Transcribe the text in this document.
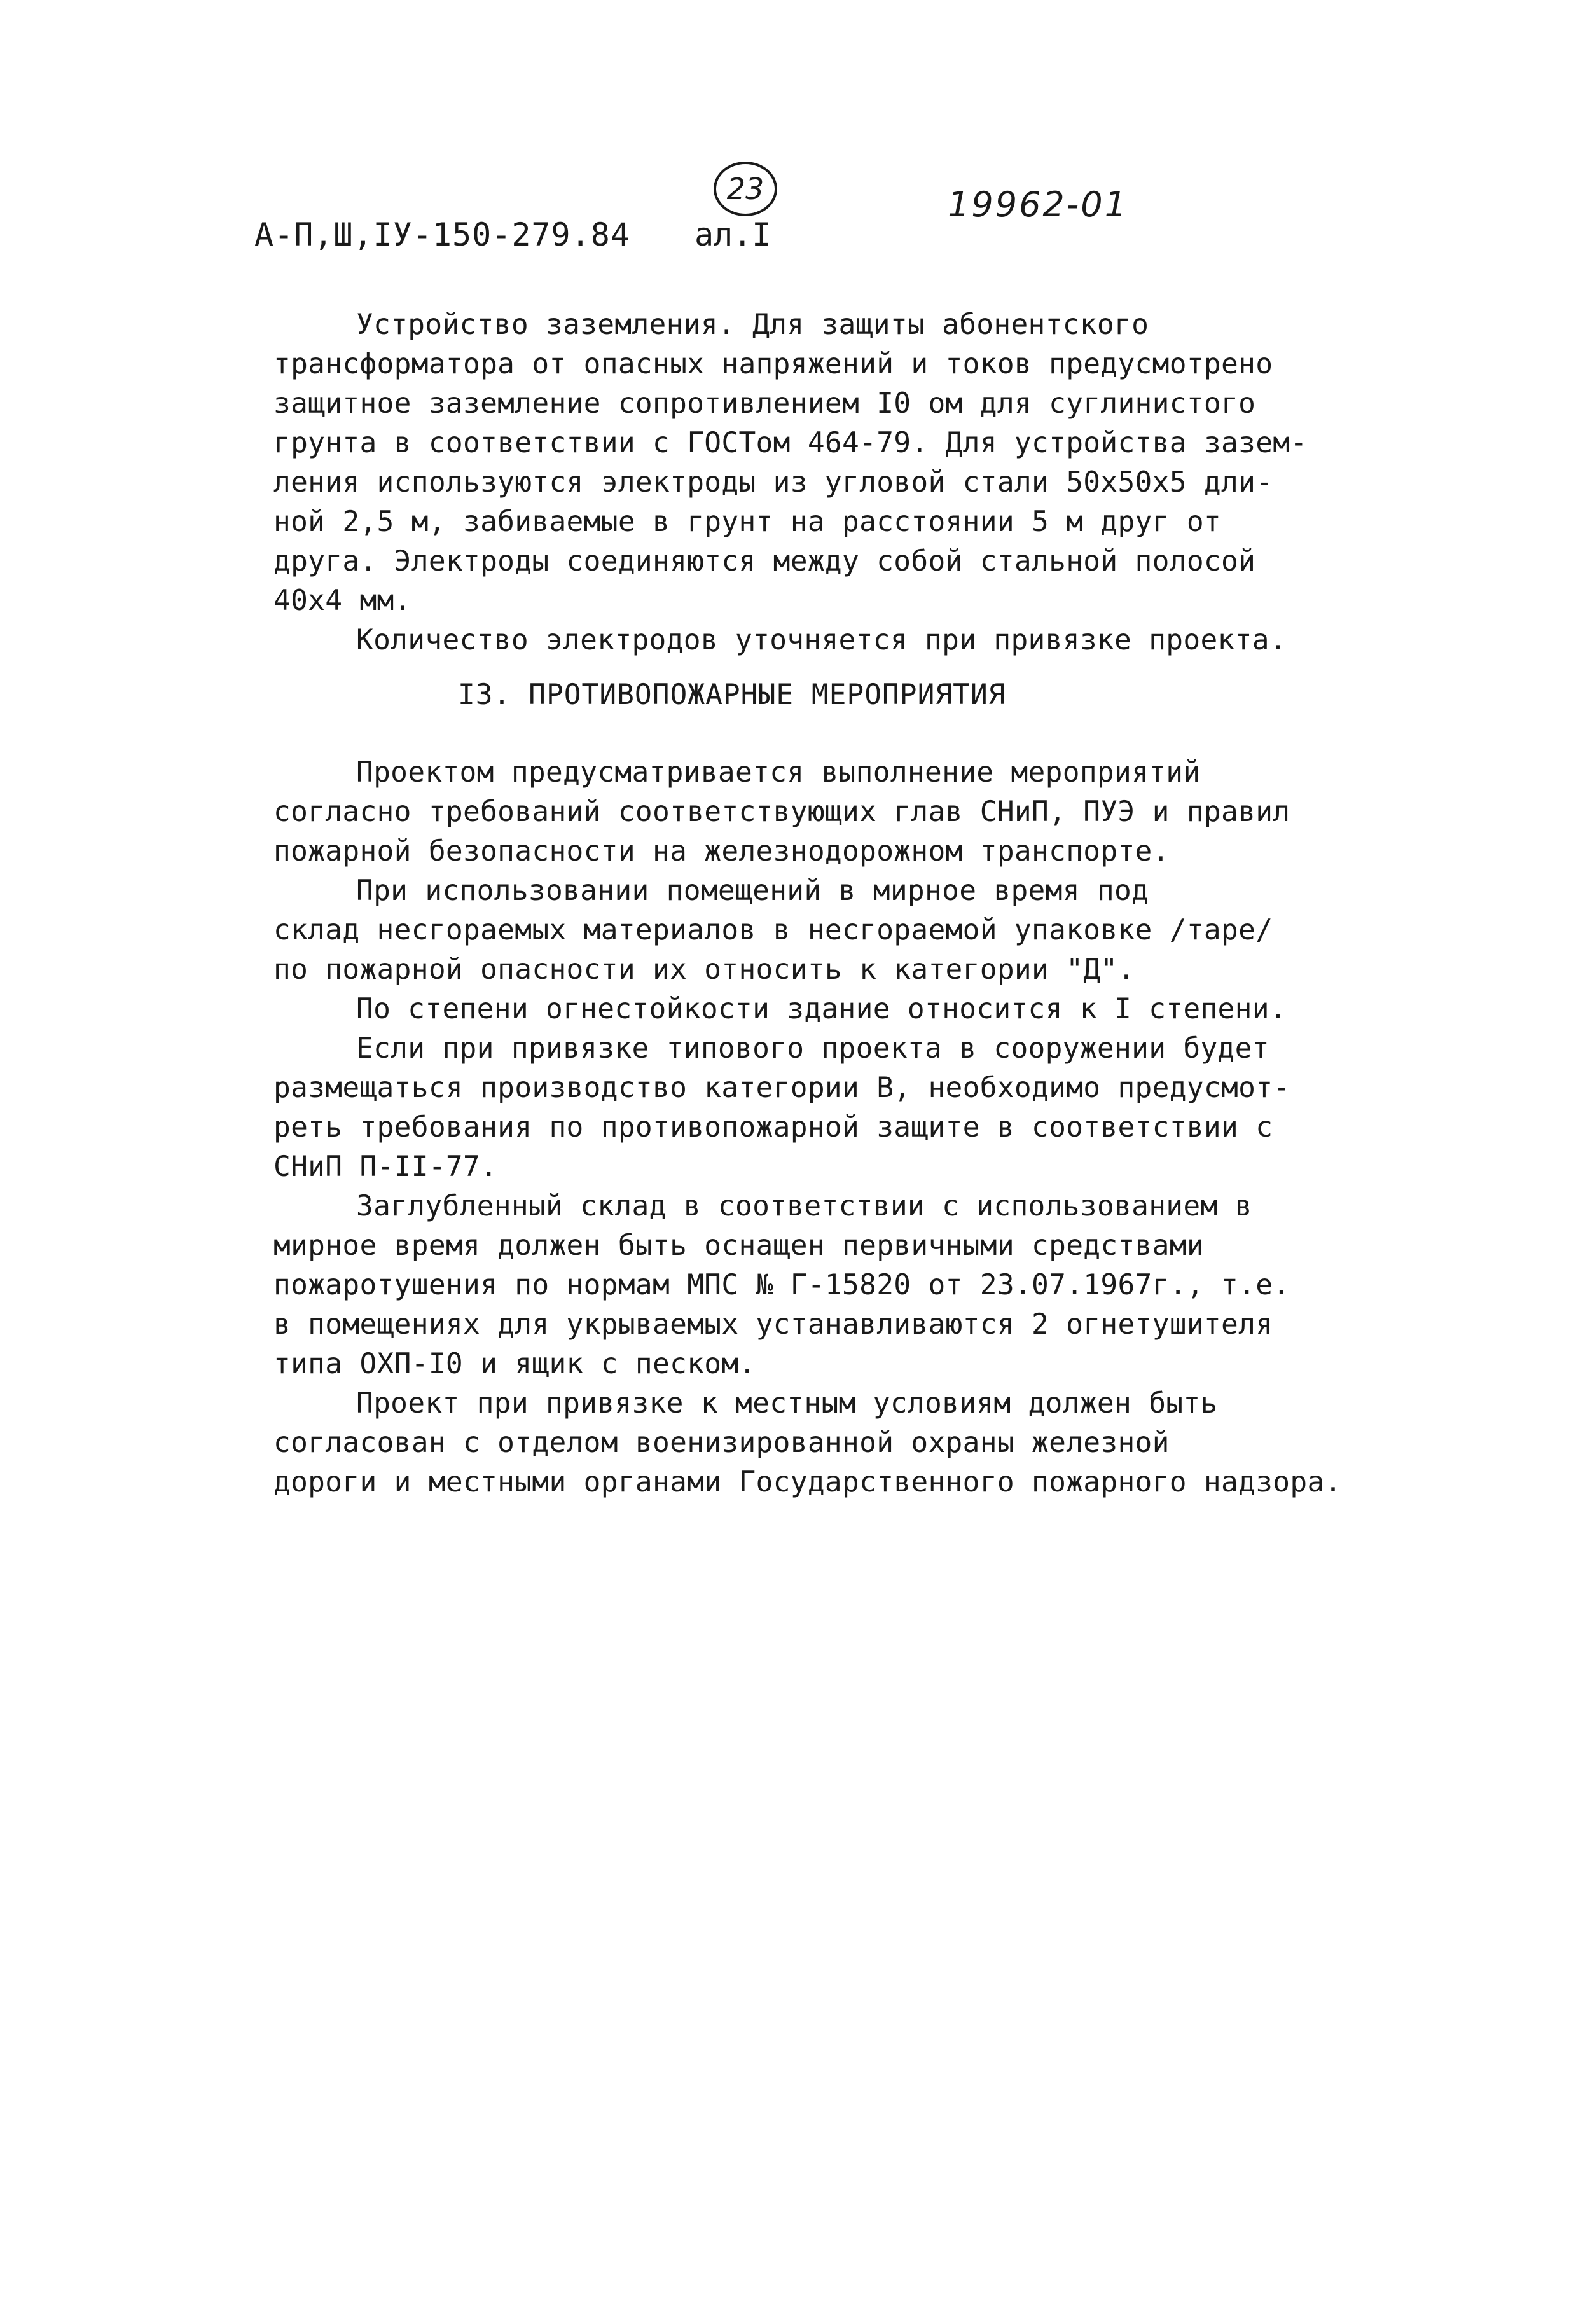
А-П,Ш,IУ-150-279.84 ал.I
23	19962-01
Устройство заземления. Для защиты абонентского
трансформатора от опасных напряжений и токов предусмотрено
защитное заземление сопротивлением I0 ом для суглинистого
грунта в соответствии с ГОСТом 464-79. Для устройства зазем-
ления используются электроды из угловой стали 50х50х5 дли-
ной 2,5 м, забиваемые в грунт на расстоянии 5 м друг от
друга. Электроды соединяются между собой стальной полосой
40х4 мм.
Количество электродов уточняется при привязке проекта.
I3. ПРОТИВОПОЖАРНЫЕ МЕРОПРИЯТИЯ
Проектом предусматривается выполнение мероприятий
согласно требований соответствующих глав СНиП, ПУЭ и правил
пожарной безопасности на железнодорожном транспорте.
При использовании помещений в мирное время под
склад несгораемых материалов в несгораемой упаковке /таре/
по пожарной опасности их относить к категории "Д".
По степени огнестойкости здание относится к I степени.
Если при привязке типового проекта в сооружении будет
размещаться производство категории В, необходимо предусмот-
реть требования по противопожарной защите в соответствии с
СНиП П-II-77.
Заглубленный склад в соответствии с использованием в
мирное время должен быть оснащен первичными средствами
пожаротушения по нормам МПС № Г-15820 от 23.07.1967г., т.е.
в помещениях для укрываемых устанавливаются 2 огнетушителя
типа ОХП-I0 и ящик с песком.
Проект при привязке к местным условиям должен быть
согласован с отделом военизированной охраны железной
дороги и местными органами Государственного пожарного надзора.
